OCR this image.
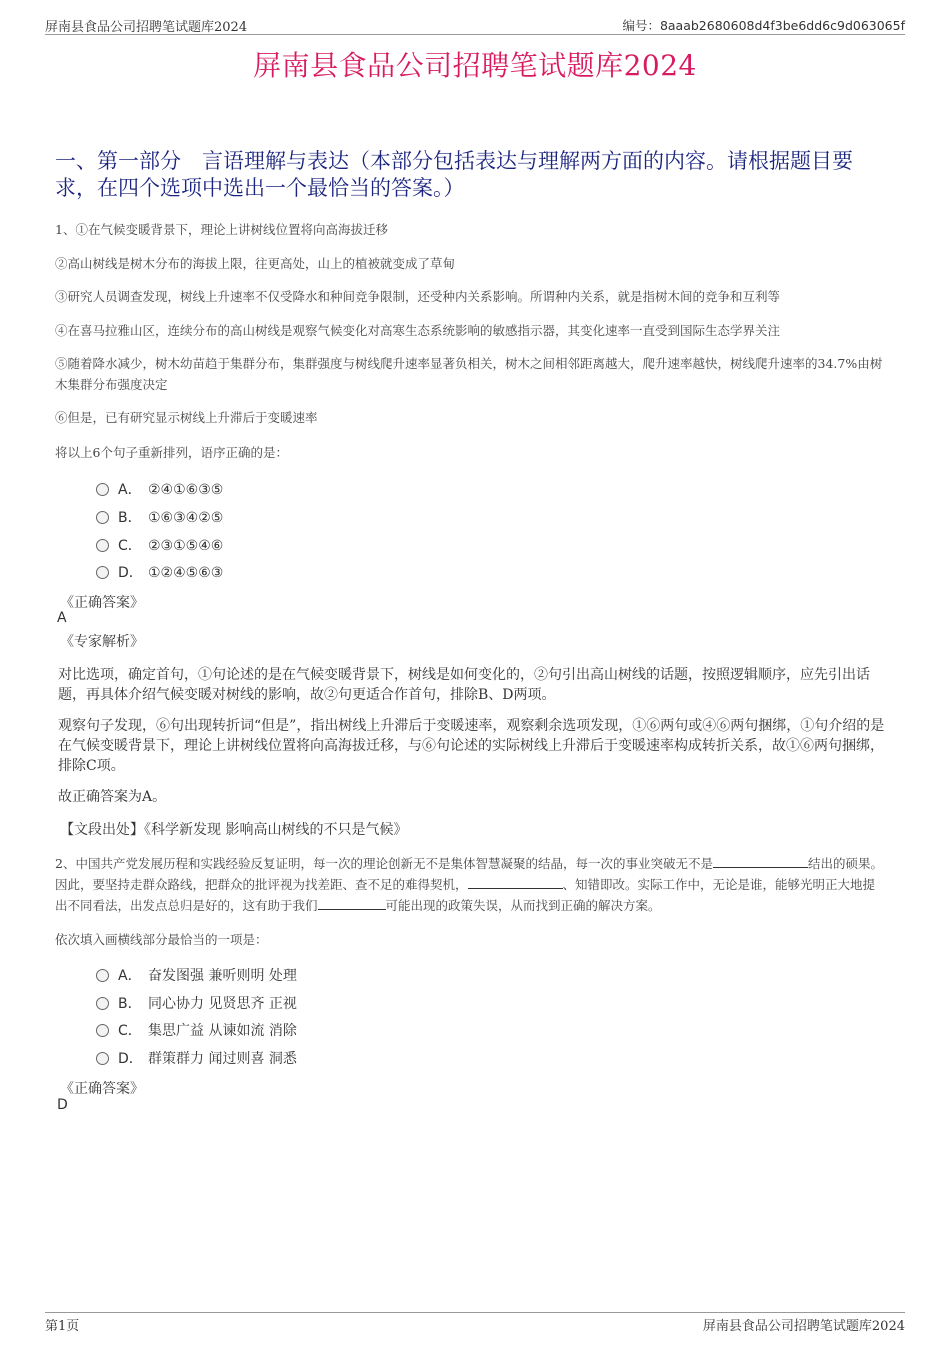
屏南县食品公司招聘笔试题库2024	编号：8aaab2680608d4f3be6dd6c9d063065f
屏南县食品公司招聘笔试题库2024
一、第一部分　言语理解与表达（本部分包括表达与理解两方面的内容。请根据题目要求，在四个选项中选出一个最恰当的答案。）
1、①在气候变暖背景下，理论上讲树线位置将向高海拔迁移
②高山树线是树木分布的海拔上限，往更高处，山上的植被就变成了草甸
③研究人员调查发现，树线上升速率不仅受降水和种间竞争限制，还受种内关系影响。所谓种内关系，就是指树木间的竞争和互利等
④在喜马拉雅山区，连续分布的高山树线是观察气候变化对高寒生态系统影响的敏感指示器，其变化速率一直受到国际生态学界关注
⑤随着降水减少，树木幼苗趋于集群分布，集群强度与树线爬升速率显著负相关，树木之间相邻距离越大，爬升速率越快，树线爬升速率的34.7%由树木集群分布强度决定
⑥但是，已有研究显示树线上升滞后于变暖速率
将以上6个句子重新排列，语序正确的是：
A． ②④①⑥③⑤
B． ①⑥③④②⑤
C． ②③①⑤④⑥
D． ①②④⑤⑥③
《正确答案》
A
《专家解析》
对比选项，确定首句，①句论述的是在气候变暖背景下，树线是如何变化的，②句引出高山树线的话题，按照逻辑顺序，应先引出话题，再具体介绍气候变暖对树线的影响，故②句更适合作首句，排除B、D两项。
观察句子发现，⑥句出现转折词“但是”，指出树线上升滞后于变暖速率，观察剩余选项发现，①⑥两句或④⑥两句捆绑，①句介绍的是在气候变暖背景下，理论上讲树线位置将向高海拔迁移，与⑥句论述的实际树线上升滞后于变暖速率构成转折关系，故①⑥两句捆绑，排除C项。
故正确答案为A。
【文段出处】《科学新发现 影响高山树线的不只是气候》
2、中国共产党发展历程和实践经验反复证明，每一次的理论创新无不是集体智慧凝聚的结晶，每一次的事业突破无不是	结出的硕果。因此，要坚持走群众路线，把群众的批评视为找差距、查不足的难得契机，	、知错即改。实际工作中，无论是谁，能够光明正大地提出不同看法，出发点总归是好的，这有助于我们	可能出现的政策失误，从而找到正确的解决方案。
依次填入画横线部分最恰当的一项是：
A． 奋发图强 兼听则明 处理
B． 同心协力 见贤思齐 正视
C． 集思广益 从谏如流 消除
D． 群策群力 闻过则喜 洞悉
《正确答案》
D
第1页	屏南县食品公司招聘笔试题库2024
